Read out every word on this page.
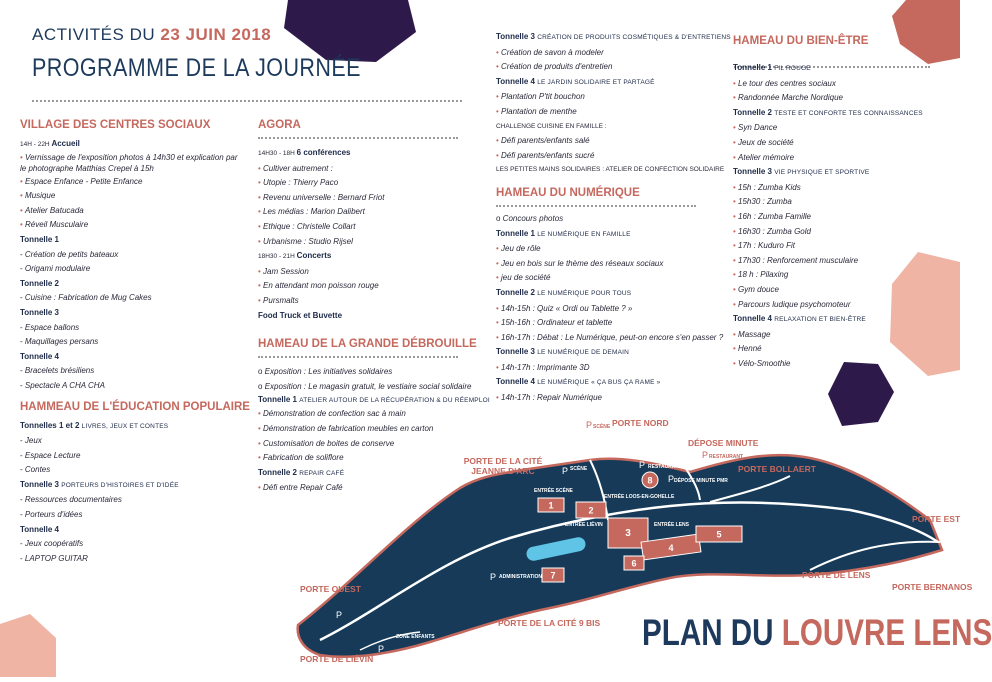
ACTIVITÉS DU 23 JUIN 2018
PROGRAMME DE LA JOURNÉE
VILLAGE DES CENTRES SOCIAUX
14H - 22H Accueil
• Vernissage de l'exposition photos à 14h30 et explication par
le photographe Matthias Crepel à 15h
• Espace Enfance - Petite Enfance
• Musique
• Atelier Batucada
• Réveil Musculaire
Tonnelle 1
- Création de petits bateaux
- Origami modulaire
Tonnelle 2
- Cuisine : Fabrication de Mug Cakes
Tonnelle 3
- Espace ballons
- Maquillages persans
Tonnelle 4
- Bracelets brésiliens
- Spectacle A CHA CHA
HAMMEAU DE L'ÉDUCATION POPULAIRE
Tonnelles 1 et 2 LIVRES, JEUX ET CONTES
- Jeux
- Espace Lecture
- Contes
Tonnelle 3 PORTEURS D'HISTOIRES ET D'IDÉE
- Ressources documentaires
- Porteurs d'idées
Tonnelle 4
- Jeux coopératifs
- LAPTOP GUITAR
AGORA
14H30 - 18H 6 conférences
• Cultiver autrement :
• Utopie : Thierry Paco
• Revenu universelle : Bernard Friot
• Les médias : Marion Dalibert
• Ethique : Christelle Collart
• Urbanisme : Studio Rijsel
18H30 - 21H Concerts
• Jam Session
• En attendant mon poisson rouge
• Pursmalts
Food Truck et Buvette
HAMEAU DE LA GRANDE DÉBROUILLE
o Exposition : Les initiatives solidaires
o Exposition : Le magasin gratuit, le vestiaire social solidaire
Tonnelle 1 ATELIER AUTOUR DE LA RÉCUPÉRATION & DU RÉEMPLOI
• Démonstration de confection sac à main
• Démonstration de fabrication meubles en carton
• Customisation de boites de conserve
• Fabrication de soliflore
Tonnelle 2 REPAIR CAFÉ
• Défi entre Repair Café
Tonnelle 3 CRÉATION DE PRODUITS COSMÉTIQUES & D'ENTRETIENS
• Création de savon à modeler
• Création de produits d'entretien
Tonnelle 4 LE JARDIN SOLIDAIRE ET PARTAGÉ
• Plantation P'tit bouchon
• Plantation de menthe
CHALLENGE CUISINE EN FAMILLE :
• Défi parents/enfants salé
• Défi parents/enfants sucré
LES PETITES MAINS SOLIDAIRES : ATELIER DE CONFECTION SOLIDAIRE
HAMEAU DU NUMÉRIQUE
o Concours photos
Tonnelle 1 LE NUMÉRIQUE EN FAMILLE
• Jeu de rôle
• Jeu en bois sur le thème des réseaux sociaux
• jeu de société
Tonnelle 2 LE NUMÉRIQUE POUR TOUS
• 14h-15h : Quiz « Ordi ou Tablette ? »
• 15h-16h : Ordinateur et tablette
• 16h-17h : Débat : Le Numérique, peut-on encore s'en passer ?
Tonnelle 3 LE NUMÉRIQUE DE DEMAIN
• 14h-17h : Imprimante 3D
Tonnelle 4 LE NUMÉRIQUE « ÇA BUS ÇA RAME »
• 14h-17h : Repair Numérique
HAMEAU DU BIEN-ÊTRE
Tonnelle 1 FIL ROUGE
• Le tour des centres sociaux
• Randonnée Marche Nordique
Tonnelle 2 TESTE ET CONFORTE TES CONNAISSANCES
• Syn Dance
• Jeux de société
• Atelier mémoire
Tonnelle 3 VIE PHYSIQUE ET SPORTIVE
• 15h : Zumba Kids
• 15h30 : Zumba
• 16h : Zumba Famille
• 16h30 : Zumba Gold
• 17h : Kuduro Fit
• 17h30 : Renforcement musculaire
• 18 h : Pilaxing
• Gym douce
• Parcours ludique psychomoteur
Tonnelle 4 RELAXATION ET BIEN-ÊTRE
• Massage
• Henné
• Vélo-Smoothie
1	2
3
4
5
6
7
8
ENTRÉE SCÈNE
ENTRÉE LOOS-EN-GOHELLE
ENTRÉE LIÉVIN	ENTRÉE LENS
DÉPOSE MINUTE PMR
ZONE ENFANTS
ADMINISTRATION
RESTAURANT
SCÈNE
P
P
P
P
P
P
P
P
SCÈNE
RESTAURANT
PORTE NORD
PORTE DE LA CITÉ JEANNE D'ARC
DÉPOSE MINUTE
PORTE BOLLAERT
PORTE EST
PORTE DE LENS
PORTE BERNANOS
PORTE OUEST
PORTE DE LA CITÉ 9 BIS
PORTE DE LIÉVIN
PLAN DU LOUVRE LENS
